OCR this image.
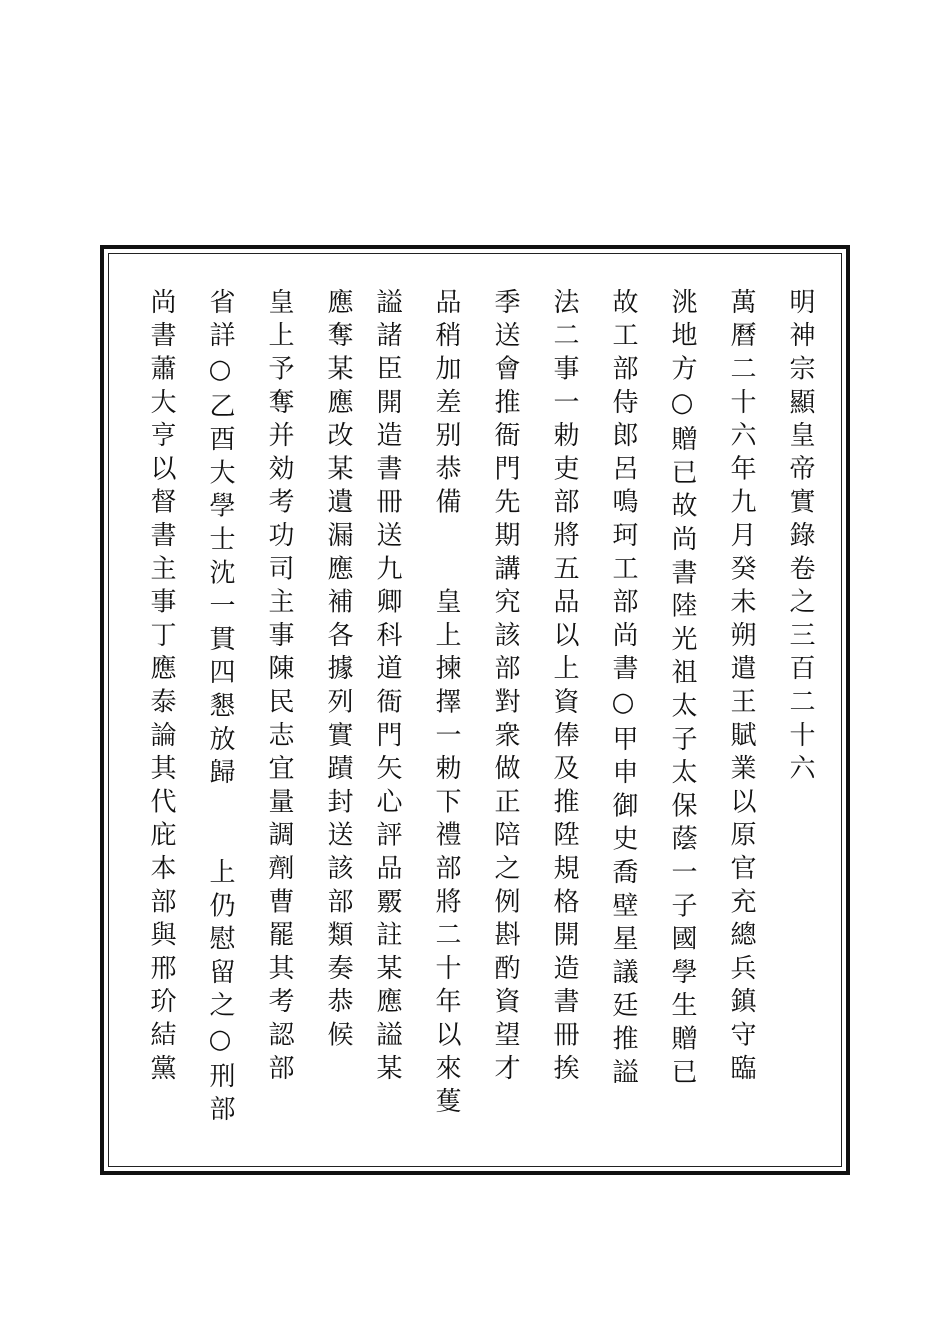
明神宗顯皇帝實錄卷之三百二十六
萬曆二十六年九月癸未朔遣王賦業以原官充總兵鎮守臨
洮地方○贈已故尚書陸光祖太子太保蔭一子國學生贈已
故工部侍郎呂鳴珂工部尚書○甲申御史喬壁星議廷推謚
法二事一勅吏部將五品以上資俸及推陞規格開造書冊挨
季送會推衙門先期講究該部對衆做正陪之例斟酌資望才
品稍加差别恭備　　皇上揀擇一勅下禮部將二十年以來蒦
謚諸臣開造書冊送九卿科道衙門矢心評品覈註某應謚某
應奪某應改某遺漏應補各據列實蹟封送該部類奏恭候
皇上予奪并効考功司主事陳民志宜量調劑曹罷其考認部
省詳○乙酉大學士沈一貫四懇放歸　　上仍慰留之○刑部
尚書蕭大亨以督書主事丁應泰論其代庇本部與邢玠結黨
